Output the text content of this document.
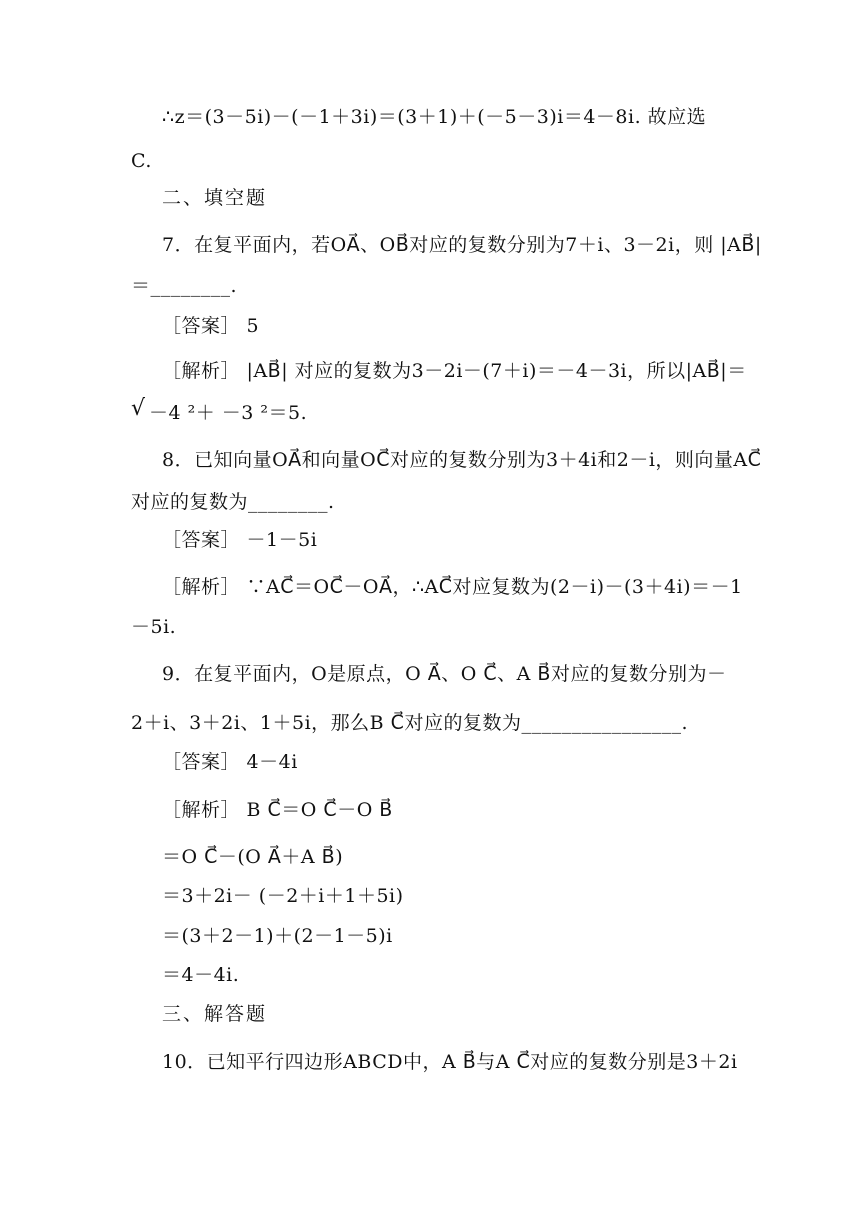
∴z＝(3－5i)－(－1＋3i)＝(3＋1)＋(－5－3)i＝4－8i. 故应选
C.
二、填空题
7．在复平面内，若OA⃗、OB⃗对应的复数分别为7＋i、3－2i，则 |AB⃗|
＝________.
［答案］ 5
［解析］ |AB⃗| 对应的复数为3－2i－(7＋i)＝－4－3i，所以|AB⃗|＝
√ －4 ²＋ －3 ²＝5.
8．已知向量OA⃗和向量OC⃗对应的复数分别为3＋4i和2－i，则向量AC⃗
对应的复数为________.
［答案］ －1－5i
［解析］ ∵AC⃗＝OC⃗－OA⃗，∴AC⃗对应复数为(2－i)－(3＋4i)＝－1
－5i.
9．在复平面内，O是原点，O A⃗、O C⃗、A B⃗对应的复数分别为－
2＋i、3＋2i、1＋5i，那么B C⃗对应的复数为________________.
［答案］ 4－4i
［解析］ B C⃗＝O C⃗－O B⃗
＝O C⃗－(O A⃗＋A B⃗)
＝3＋2i－ (－2＋i＋1＋5i)
＝(3＋2－1)＋(2－1－5)i
＝4－4i.
三、解答题
10．已知平行四边形ABCD中，A B⃗与A C⃗对应的复数分别是3＋2i
